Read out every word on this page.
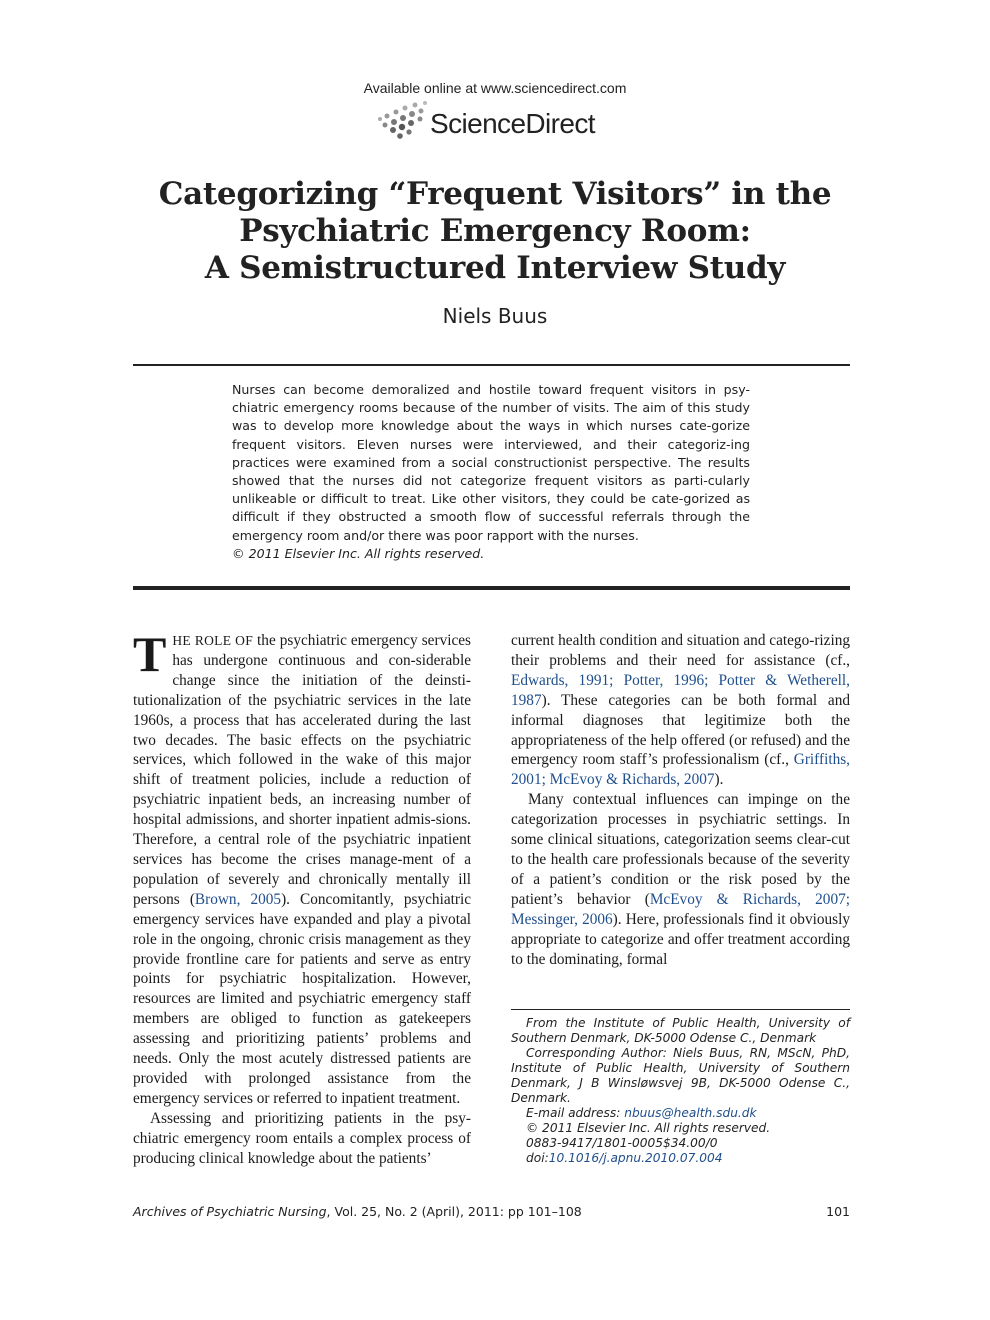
Available online at www.sciencedirect.com
ScienceDirect
Categorizing “Frequent Visitors” in the
Psychiatric Emergency Room:
A Semistructured Interview Study
Niels Buus
Nurses can become demoralized and hostile toward frequent visitors in psy-chiatric emergency rooms because of the number of visits. The aim of this study was to develop more knowledge about the ways in which nurses cate-gorize frequent visitors. Eleven nurses were interviewed, and their categoriz-ing practices were examined from a social constructionist perspective. The results showed that the nurses did not categorize frequent visitors as parti-cularly unlikeable or difficult to treat. Like other visitors, they could be cate-gorized as difficult if they obstructed a smooth flow of successful referrals through the emergency room and/or there was poor rapport with the nurses.
© 2011 Elsevier Inc. All rights reserved.

THE ROLE OF the psychiatric emergency services has undergone continuous and con-siderable change since the initiation of the deinsti-tutionalization of the psychiatric services in the late 1960s, a process that has accelerated during the last two decades. The basic effects on the psychiatric services, which followed in the wake of this major shift of treatment policies, include a reduction of psychiatric inpatient beds, an increasing number of hospital admissions, and shorter inpatient admis-sions. Therefore, a central role of the psychiatric inpatient services has become the crises manage-ment of a population of severely and chronically mentally ill persons (Brown, 2005). Concomitantly, psychiatric emergency services have expanded and play a pivotal role in the ongoing, chronic crisis management as they provide frontline care for patients and serve as entry points for psychiatric hospitalization. However, resources are limited and psychiatric emergency staff members are obliged to function as gatekeepers assessing and prioritizing patients’ problems and needs. Only the most acutely distressed patients are provided with prolonged assistance from the emergency services or referred to inpatient treatment.

Assessing and prioritizing patients in the psy-chiatric emergency room entails a complex process of producing clinical knowledge about the patients’

current health condition and situation and catego-rizing their problems and their need for assistance (cf., Edwards, 1991; Potter, 1996; Potter & Wetherell, 1987). These categories can be both formal and informal diagnoses that legitimize both the appropriateness of the help offered (or refused) and the emergency room staff’s professionalism (cf., Griffiths, 2001; McEvoy & Richards, 2007).

Many contextual influences can impinge on the categorization processes in psychiatric settings. In some clinical situations, categorization seems clear-cut to the health care professionals because of the severity of a patient’s condition or the risk posed by the patient’s behavior (McEvoy & Richards, 2007; Messinger, 2006). Here, professionals find it obviously appropriate to categorize and offer treatment according to the dominating, formal

From the Institute of Public Health, University of Southern Denmark, DK-5000 Odense C., Denmark

Corresponding Author: Niels Buus, RN, MScN, PhD, Institute of Public Health, University of Southern Denmark, J B Winsløwsvej 9B, DK-5000 Odense C., Denmark.

E-mail address: nbuus@health.sdu.dk

© 2011 Elsevier Inc. All rights reserved.

0883-9417/1801-0005$34.00/0

doi:10.1016/j.apnu.2010.07.004

Archives of Psychiatric Nursing, Vol. 25, No. 2 (April), 2011: pp 101–108	101
